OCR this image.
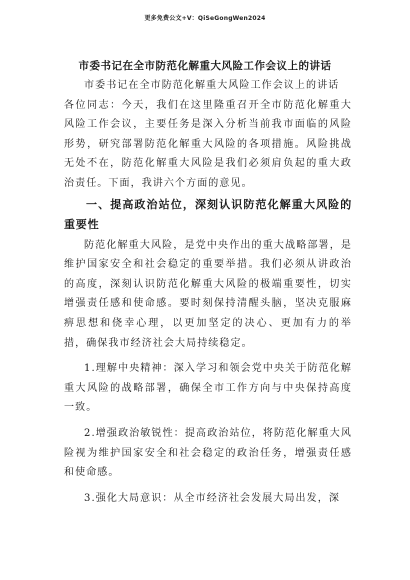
更多免费公文+V：QiSeGongWen2024
市委书记在全市防范化解重大风险工作会议上的讲话

市委书记在全市防范化解重大风险工作会议上的讲话

各位同志：今天，我们在这里隆重召开全市防范化解重大风险工作会议，主要任务是深入分析当前我市面临的风险形势，研究部署防范化解重大风险的各项措施。风险挑战无处不在，防范化解重大风险是我们必须肩负起的重大政治责任。下面，我讲六个方面的意见。

一、提高政治站位，深刻认识防范化解重大风险的重要性

防范化解重大风险，是党中央作出的重大战略部署，是维护国家安全和社会稳定的重要举措。我们必须从讲政治的高度，深刻认识防范化解重大风险的极端重要性，切实增强责任感和使命感。要时刻保持清醒头脑，坚决克服麻痹思想和侥幸心理，以更加坚定的决心、更加有力的举措，确保我市经济社会大局持续稳定。

1.理解中央精神：深入学习和领会党中央关于防范化解重大风险的战略部署，确保全市工作方向与中央保持高度一致。

2.增强政治敏锐性：提高政治站位，将防范化解重大风险视为维护国家安全和社会稳定的政治任务，增强责任感和使命感。

3.强化大局意识：从全市经济社会发展大局出发，深
